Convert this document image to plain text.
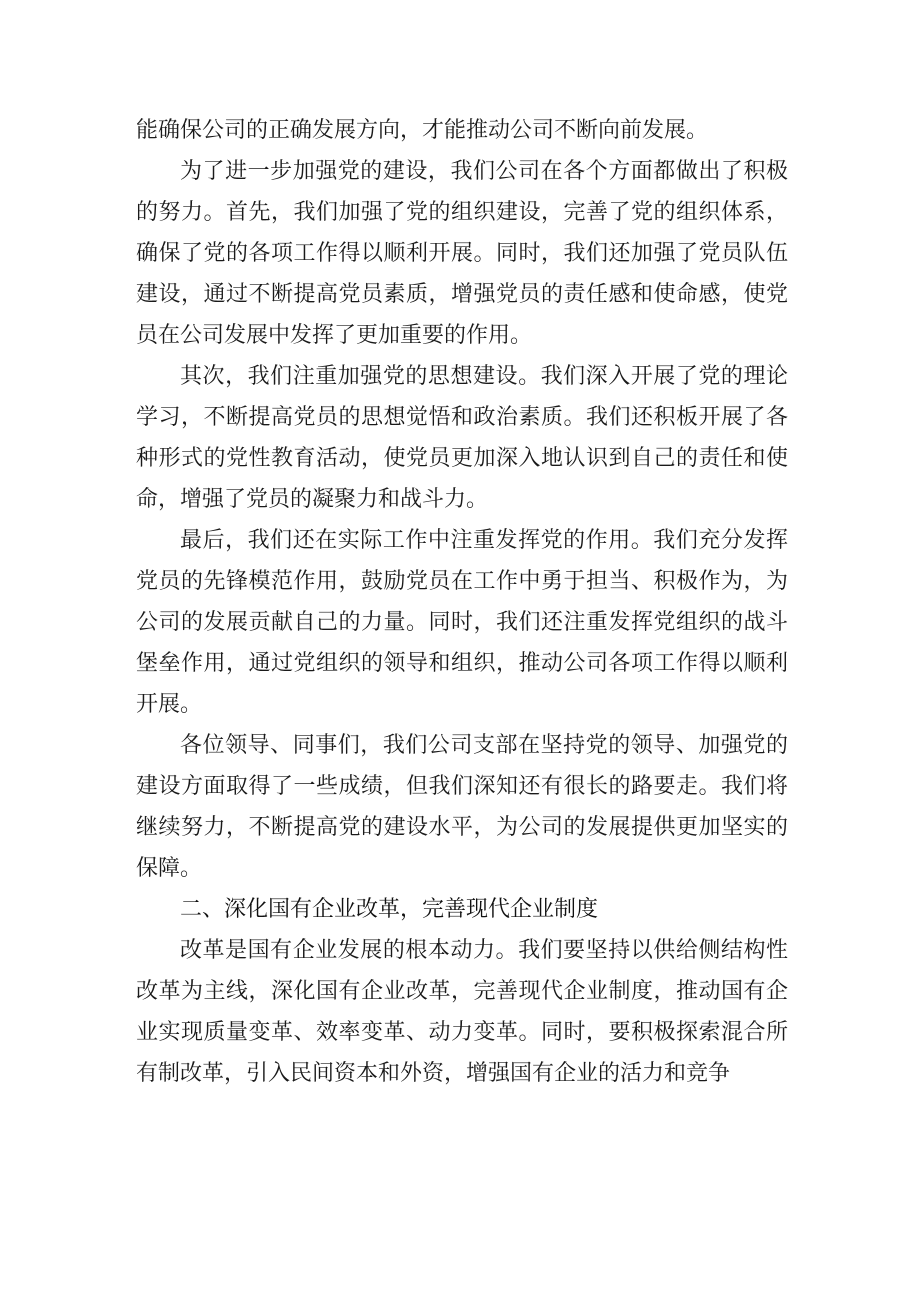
能确保公司的正确发展方向，才能推动公司不断向前发展。

为了进一步加强党的建设，我们公司在各个方面都做出了积极的努力。首先，我们加强了党的组织建设，完善了党的组织体系，确保了党的各项工作得以顺利开展。同时，我们还加强了党员队伍建设，通过不断提高党员素质，增强党员的责任感和使命感，使党员在公司发展中发挥了更加重要的作用。

其次，我们注重加强党的思想建设。我们深入开展了党的理论学习，不断提高党员的思想觉悟和政治素质。我们还积板开展了各种形式的党性教育活动，使党员更加深入地认识到自己的责任和使命，增强了党员的凝聚力和战斗力。

最后，我们还在实际工作中注重发挥党的作用。我们充分发挥党员的先锋模范作用，鼓励党员在工作中勇于担当、积极作为，为公司的发展贡献自己的力量。同时，我们还注重发挥党组织的战斗堡垒作用，通过党组织的领导和组织，推动公司各项工作得以顺利开展。

各位领导、同事们，我们公司支部在坚持党的领导、加强党的建设方面取得了一些成绩，但我们深知还有很长的路要走。我们将继续努力，不断提高党的建设水平，为公司的发展提供更加坚实的保障。

二、深化国有企业改革，完善现代企业制度

改革是国有企业发展的根本动力。我们要坚持以供给侧结构性改革为主线，深化国有企业改革，完善现代企业制度，推动国有企业实现质量变革、效率变革、动力变革。同时，要积极探索混合所有制改革，引入民间资本和外资，增强国有企业的活力和竞争
